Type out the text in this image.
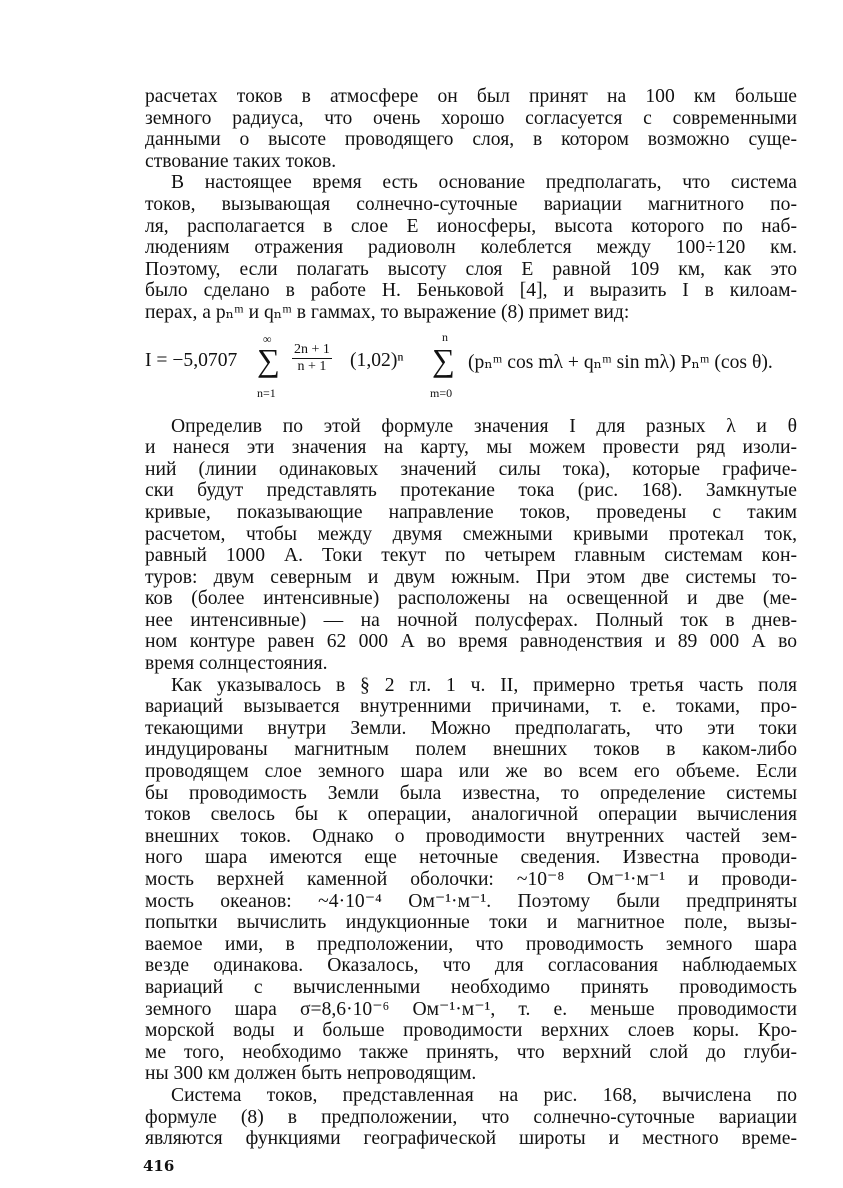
расчетах токов в атмосфере он был принят на 100 км больше
земного радиуса, что очень хорошо согласуется с современными
данными о высоте проводящего слоя, в котором возможно суще-
ствование таких токов.

В настоящее время есть основание предполагать, что система
токов, вызывающая солнечно-суточные вариации магнитного по-
ля, располагается в слое E ионосферы, высота которого по наб-
людениям отражения радиоволн колеблется между 100÷120 км.
Поэтому, если полагать высоту слоя E равной 109 км, как это
было сделано в работе Н. Беньковой [4], и выразить I в килоам-
перах, а pₙᵐ и qₙᵐ в гаммах, то выражение (8) примет вид:

I = −5,0707
∞
∑
n=1
$\frac{2n + 1}{n + 1} (1,02)^n$
n
∑
m=0
(pₙᵐ cos mλ + qₙᵐ sin mλ) Pₙᵐ (cos θ).

Определив по этой формуле значения I для разных λ и θ
и нанеся эти значения на карту, мы можем провести ряд изоли-
ний (линии одинаковых значений силы тока), которые графиче-
ски будут представлять протекание тока (рис. 168). Замкнутые
кривые, показывающие направление токов, проведены с таким
расчетом, чтобы между двумя смежными кривыми протекал ток,
равный 1000 А. Токи текут по четырем главным системам кон-
туров: двум северным и двум южным. При этом две системы то-
ков (более интенсивные) расположены на освещенной и две (ме-
нее интенсивные) — на ночной полусферах. Полный ток в днев-
ном контуре равен 62 000 А во время равноденствия и 89 000 А во
время солнцестояния.

Как указывалось в § 2 гл. 1 ч. II, примерно третья часть поля
вариаций вызывается внутренними причинами, т. е. токами, про-
текающими внутри Земли. Можно предполагать, что эти токи
индуцированы магнитным полем внешних токов в каком-либо
проводящем слое земного шара или же во всем его объеме. Если
бы проводимость Земли была известна, то определение системы
токов свелось бы к операции, аналогичной операции вычисления
внешних токов. Однако о проводимости внутренних частей зем-
ного шара имеются еще неточные сведения. Известна проводи-
мость верхней каменной оболочки: ~10⁻⁸ Ом⁻¹·м⁻¹ и проводи-
мость океанов: ~4·10⁻⁴ Ом⁻¹·м⁻¹. Поэтому были предприняты
попытки вычислить индукционные токи и магнитное поле, вызы-
ваемое ими, в предположении, что проводимость земного шара
везде одинакова. Оказалось, что для согласования наблюдаемых
вариаций с вычисленными необходимо принять проводимость
земного шара σ=8,6·10⁻⁶ Ом⁻¹·м⁻¹, т. е. меньше проводимости
морской воды и больше проводимости верхних слоев коры. Кро-
ме того, необходимо также принять, что верхний слой до глуби-
ны 300 км должен быть непроводящим.

Система токов, представленная на рис. 168, вычислена по
формуле (8) в предположении, что солнечно-суточные вариации
являются функциями географической широты и местного време-

416
